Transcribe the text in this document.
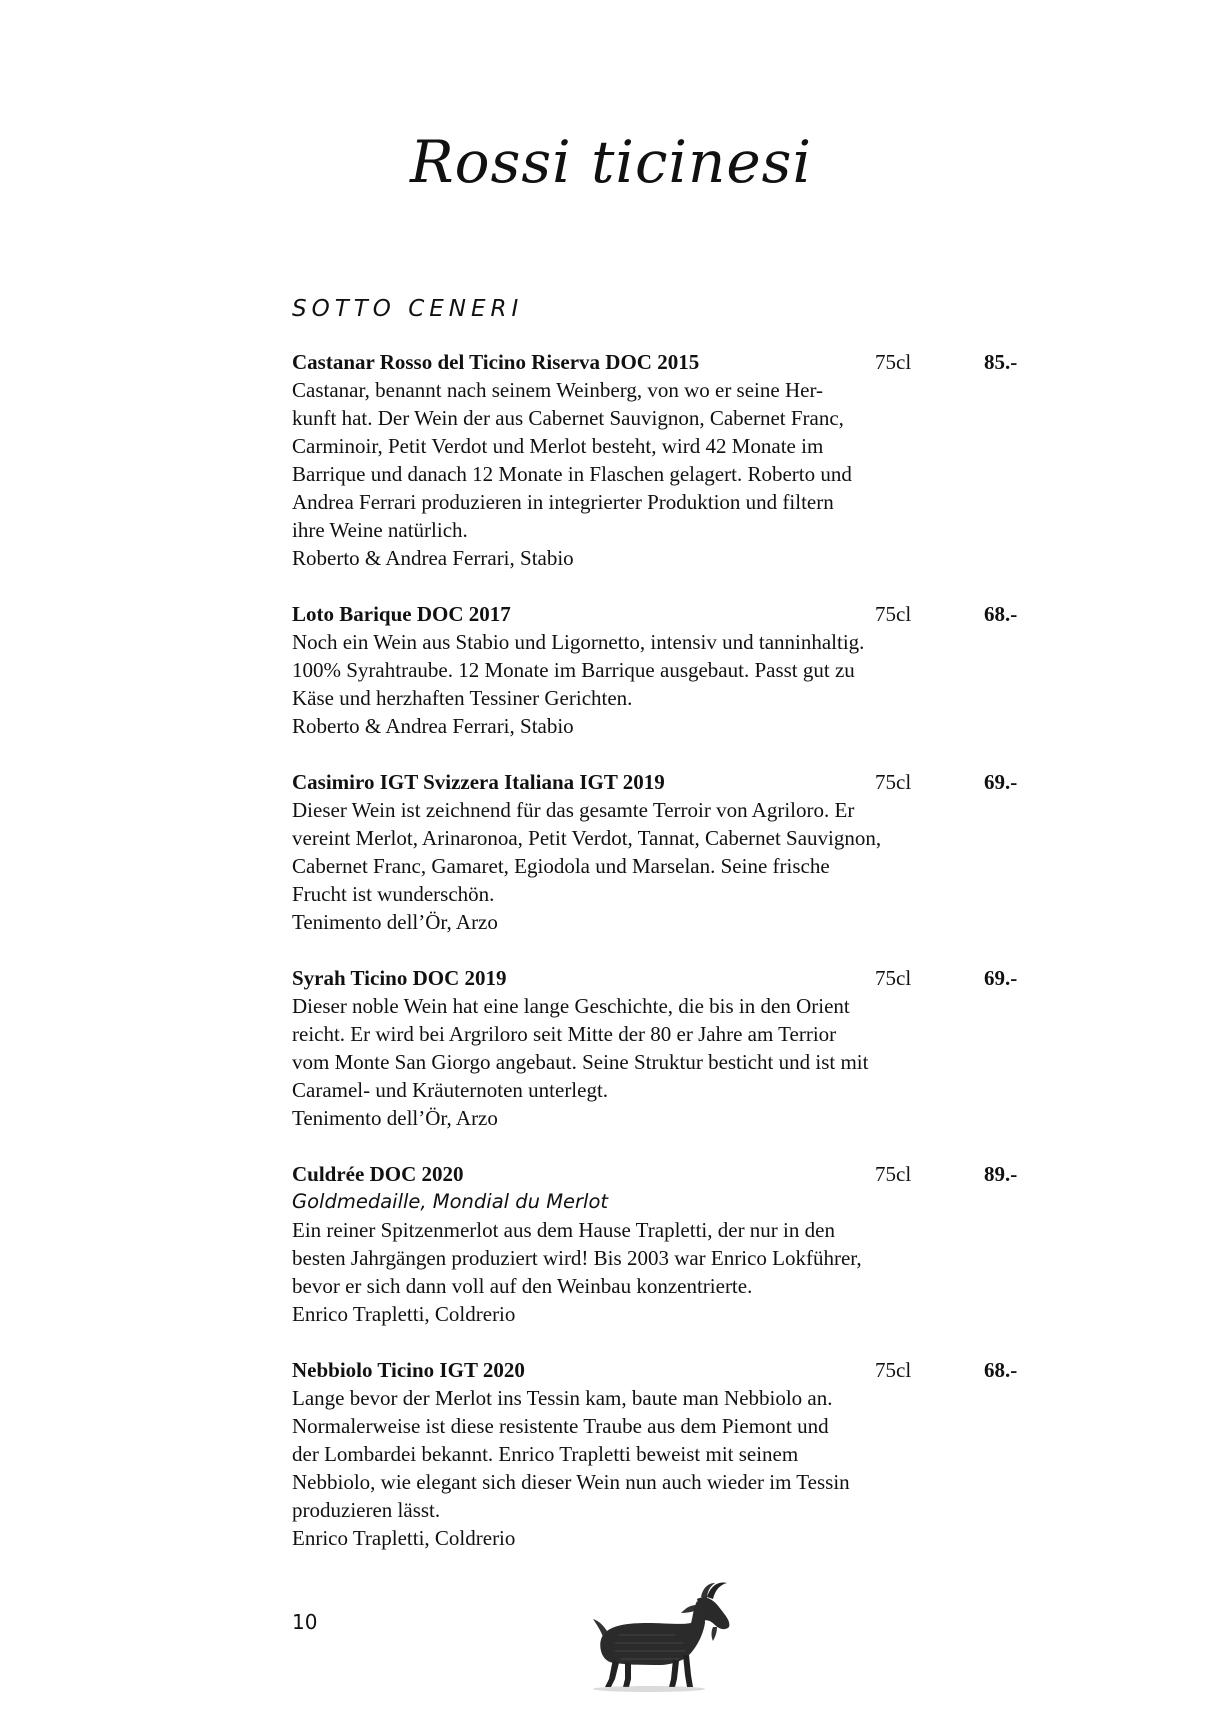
Rossi ticinesi
SOTTO CENERI
Castanar Rosso del Ticino Riserva DOC 2015	75cl	85.-

Castanar, benannt nach seinem Weinberg, von wo er seine Her-
kunft hat. Der Wein der aus Cabernet Sauvignon, Cabernet Franc,
Carminoir, Petit Verdot und Merlot besteht, wird 42 Monate im
Barrique und danach 12 Monate in Flaschen gelagert. Roberto und
Andrea Ferrari produzieren in integrierter Produktion und filtern
ihre Weine natürlich.

Roberto & Andrea Ferrari, Stabio
Loto Barique DOC 2017	75cl	68.-

Noch ein Wein aus Stabio und Ligornetto, intensiv und tanninhaltig.
100% Syrahtraube. 12 Monate im Barrique ausgebaut. Passt gut zu
Käse und herzhaften Tessiner Gerichten.

Roberto & Andrea Ferrari, Stabio
Casimiro IGT Svizzera Italiana IGT 2019	75cl	69.-

Dieser Wein ist zeichnend für das gesamte Terroir von Agriloro. Er
vereint Merlot, Arinaronoa, Petit Verdot, Tannat, Cabernet Sauvignon,
Cabernet Franc, Gamaret, Egiodola und Marselan. Seine frische
Frucht ist wunderschön.

Tenimento dell’Ör, Arzo
Syrah Ticino DOC 2019	75cl	69.-

Dieser noble Wein hat eine lange Geschichte, die bis in den Orient
reicht. Er wird bei Argriloro seit Mitte der 80 er Jahre am Terrior
vom Monte San Giorgo angebaut. Seine Struktur besticht und ist mit
Caramel- und Kräuternoten unterlegt.

Tenimento dell’Ör, Arzo
Culdrée DOC 2020	75cl	89.-
Goldmedaille, Mondial du Merlot

Ein reiner Spitzenmerlot aus dem Hause Trapletti, der nur in den
besten Jahrgängen produziert wird! Bis 2003 war Enrico Lokführer,
bevor er sich dann voll auf den Weinbau konzentrierte.

Enrico Trapletti, Coldrerio
Nebbiolo Ticino IGT 2020	75cl	68.-

Lange bevor der Merlot ins Tessin kam, baute man Nebbiolo an.
Normalerweise ist diese resistente Traube aus dem Piemont und
der Lombardei bekannt. Enrico Trapletti beweist mit seinem
Nebbiolo, wie elegant sich dieser Wein nun auch wieder im Tessin
produzieren lässt.

Enrico Trapletti, Coldrerio
10
